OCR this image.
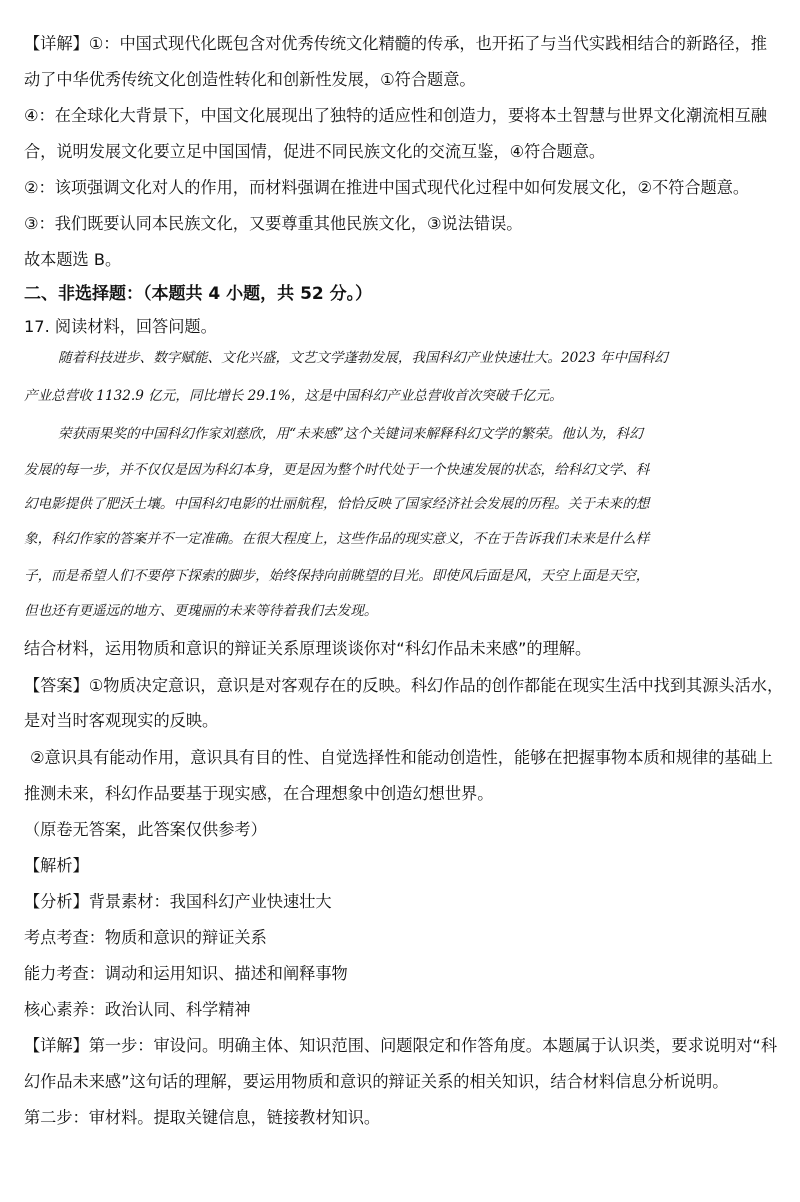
【详解】①：中国式现代化既包含对优秀传统文化精髓的传承，也开拓了与当代实践相结合的新路径，推
动了中华优秀传统文化创造性转化和创新性发展，①符合题意。
④：在全球化大背景下，中国文化展现出了独特的适应性和创造力，要将本土智慧与世界文化潮流相互融
合，说明发展文化要立足中国国情，促进不同民族文化的交流互鉴，④符合题意。
②：该项强调文化对人的作用，而材料强调在推进中国式现代化过程中如何发展文化，②不符合题意。
③：我们既要认同本民族文化，又要尊重其他民族文化，③说法错误。
故本题选 B。
二、非选择题：（本题共 4 小题，共 52 分。）
17. 阅读材料，回答问题。
随着科技进步、数字赋能、文化兴盛，文艺文学蓬勃发展，我国科幻产业快速壮大。2023 年中国科幻
产业总营收 1132.9 亿元，同比增长 29.1%，这是中国科幻产业总营收首次突破千亿元。
荣获雨果奖的中国科幻作家刘慈欣，用“未来感”这个关键词来解释科幻文学的繁荣。他认为，科幻
发展的每一步，并不仅仅是因为科幻本身，更是因为整个时代处于一个快速发展的状态，给科幻文学、科
幻电影提供了肥沃土壤。中国科幻电影的壮丽航程，恰恰反映了国家经济社会发展的历程。关于未来的想
象，科幻作家的答案并不一定准确。在很大程度上，这些作品的现实意义，不在于告诉我们未来是什么样
子，而是希望人们不要停下探索的脚步，始终保持向前眺望的目光。即使风后面是风，天空上面是天空，
但也还有更遥远的地方、更瑰丽的未来等待着我们去发现。
结合材料，运用物质和意识的辩证关系原理谈谈你对“科幻作品未来感”的理解。
【答案】①物质决定意识，意识是对客观存在的反映。科幻作品的创作都能在现实生活中找到其源头活水，
是对当时客观现实的反映。
②意识具有能动作用，意识具有目的性、自觉选择性和能动创造性，能够在把握事物本质和规律的基础上
推测未来，科幻作品要基于现实感，在合理想象中创造幻想世界。
（原卷无答案，此答案仅供参考）
【解析】
【分析】背景素材：我国科幻产业快速壮大
考点考查：物质和意识的辩证关系
能力考查：调动和运用知识、描述和阐释事物
核心素养：政治认同、科学精神
【详解】第一步：审设问。明确主体、知识范围、问题限定和作答角度。本题属于认识类，要求说明对“科
幻作品未来感”这句话的理解，要运用物质和意识的辩证关系的相关知识，结合材料信息分析说明。
第二步：审材料。提取关键信息，链接教材知识。
